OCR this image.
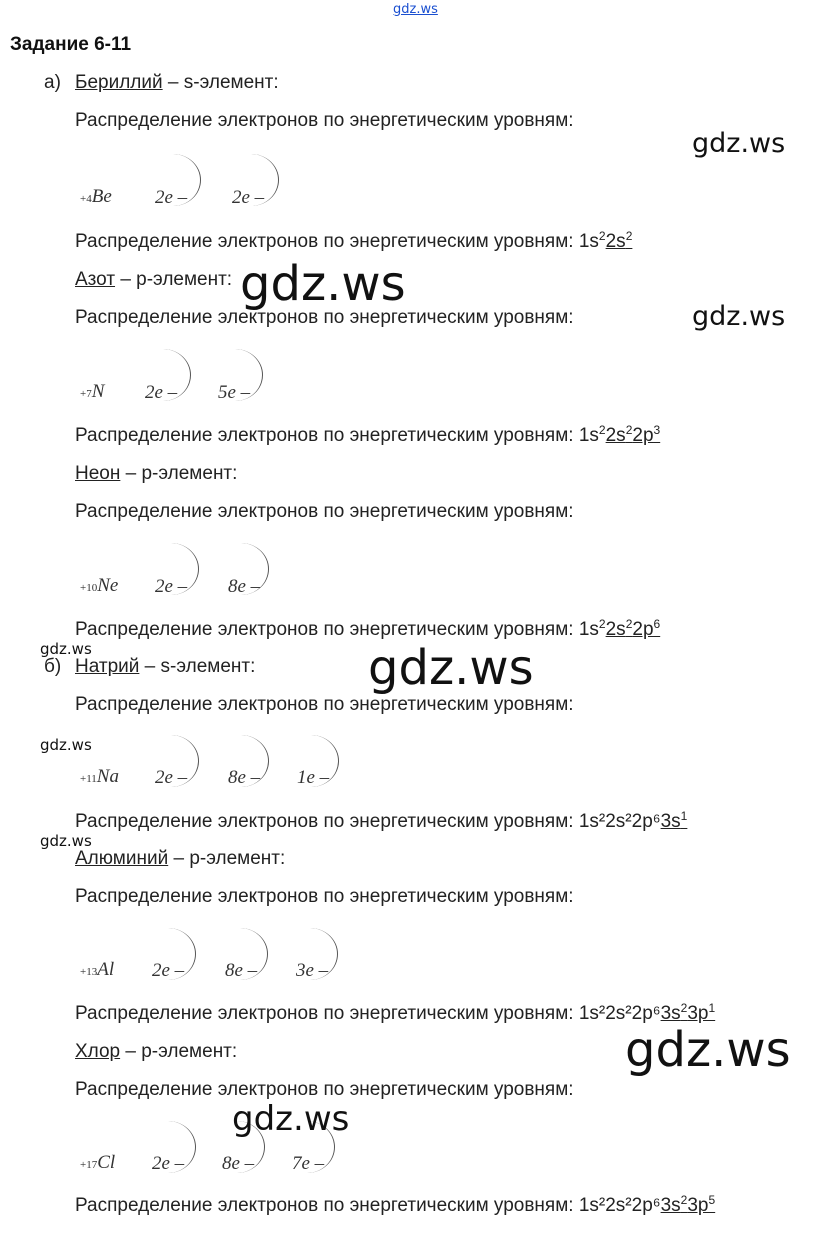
gdz.ws
Задание 6-11
а) Бериллий – s-элемент:
Распределение электронов по энергетическим уровням:
+4Be 2e – 2e –
Распределение электронов по энергетическим уровням: $1s^22s^2$
Азот – р-элемент:
Распределение электронов по энергетическим уровням:
+7N 2e – 5e –
Распределение электронов по энергетическим уровням: $1s^22s^22p^3$
Неон – р-элемент:
Распределение электронов по энергетическим уровням:
+10Ne 2e – 8e –
Распределение электронов по энергетическим уровням: $1s^22s^22p^6$
б) Натрий – s-элемент:
Распределение электронов по энергетическим уровням:
+11Na 2e – 8e – 1e –
Распределение электронов по энергетическим уровням: $1s^22s^22p^63s^1$
Алюминий – р-элемент:
Распределение электронов по энергетическим уровням:
+13Al 2e – 8e – 3e –
Распределение электронов по энергетическим уровням: $1s^22s^22p^63s^23p^1$
Хлор – р-элемент:
Распределение электронов по энергетическим уровням:
+17Cl 2e – 8e – 7e –
Распределение электронов по энергетическим уровням: $1s^22s^22p^63s^23p^5$
gdz.ws
gdz.ws
gdz.ws
gdz.ws	gdz.ws
gdz.ws
gdz.ws
gdz.ws
gdz.ws
